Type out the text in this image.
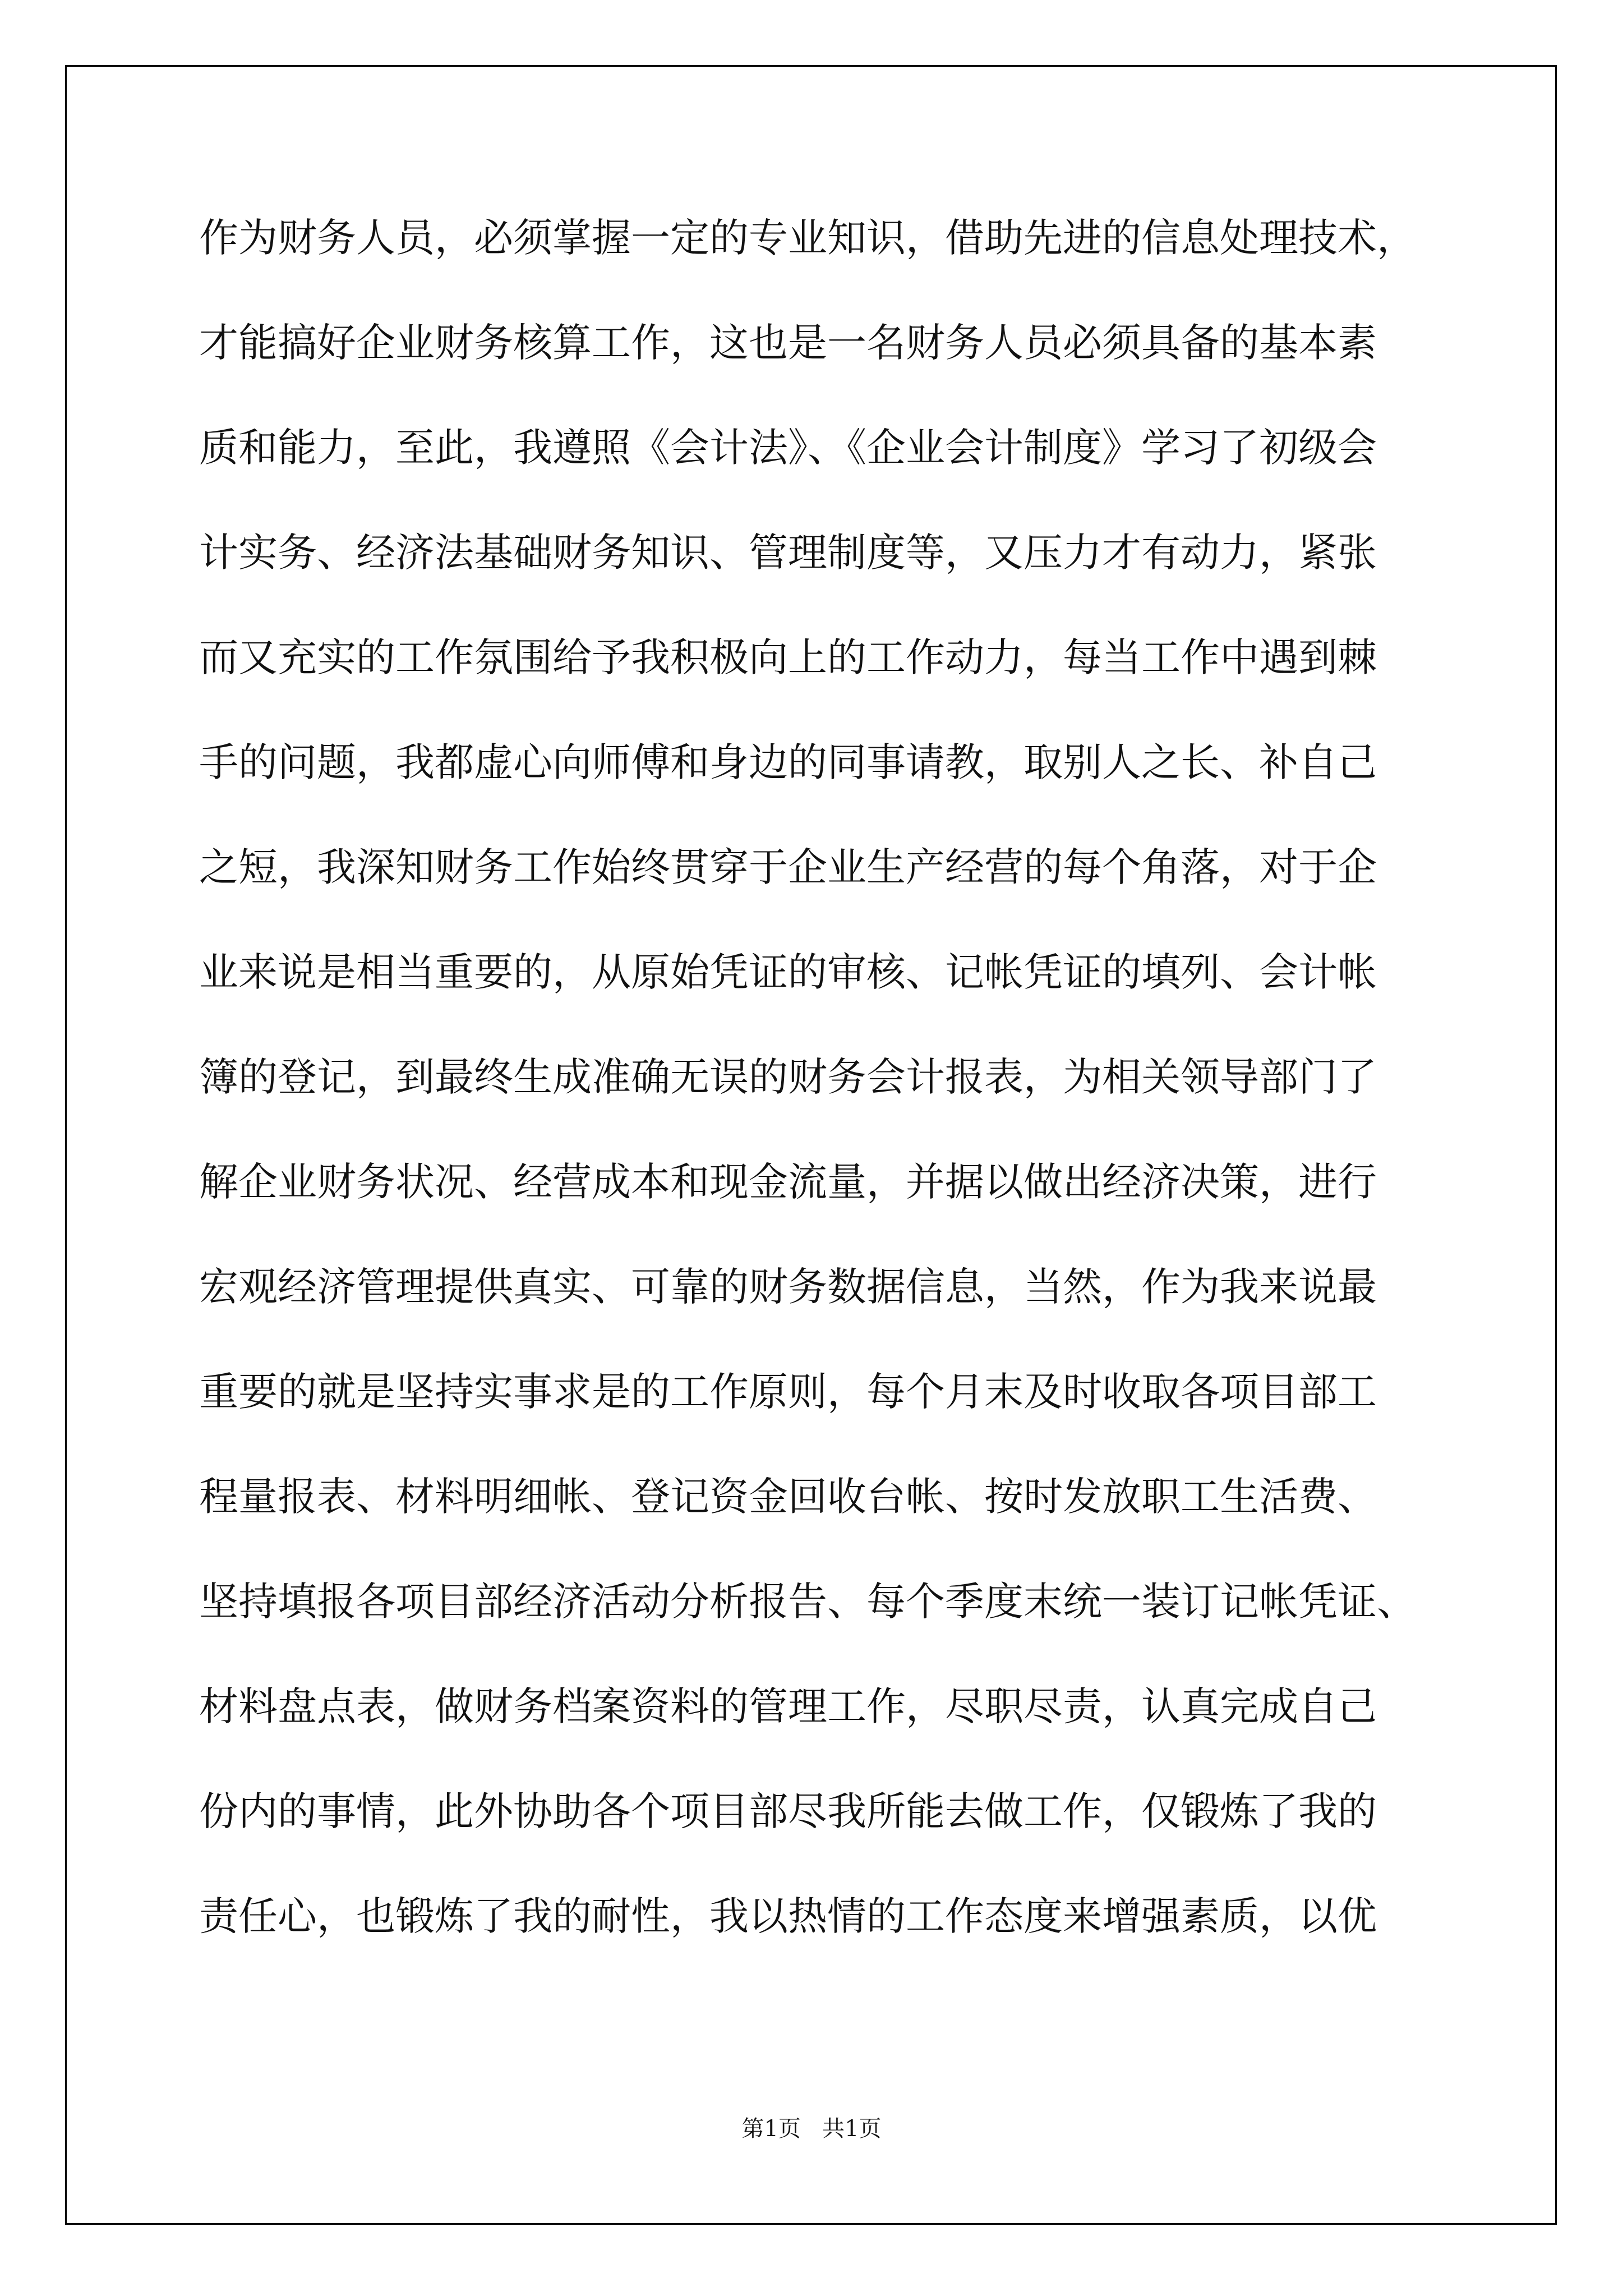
作为财务人员，必须掌握一定的专业知识，借助先进的信息处理技术，
才能搞好企业财务核算工作，这也是一名财务人员必须具备的基本素
质和能力，至此，我遵照《会计法》、《企业会计制度》学习了初级会
计实务、经济法基础财务知识、管理制度等，又压力才有动力，紧张
而又充实的工作氛围给予我积极向上的工作动力，每当工作中遇到棘
手的问题，我都虚心向师傅和身边的同事请教，取别人之长、补自己
之短，我深知财务工作始终贯穿于企业生产经营的每个角落，对于企
业来说是相当重要的，从原始凭证的审核、记帐凭证的填列、会计帐
簿的登记，到最终生成准确无误的财务会计报表，为相关领导部门了
解企业财务状况、经营成本和现金流量，并据以做出经济决策，进行
宏观经济管理提供真实、可靠的财务数据信息，当然，作为我来说最
重要的就是坚持实事求是的工作原则，每个月末及时收取各项目部工
程量报表、材料明细帐、登记资金回收台帐、按时发放职工生活费、
坚持填报各项目部经济活动分析报告、每个季度末统一装订记帐凭证、
材料盘点表，做财务档案资料的管理工作，尽职尽责，认真完成自己
份内的事情，此外协助各个项目部尽我所能去做工作，仅锻炼了我的
责任心，也锻炼了我的耐性，我以热情的工作态度来增强素质，以优
第1页   共1页
